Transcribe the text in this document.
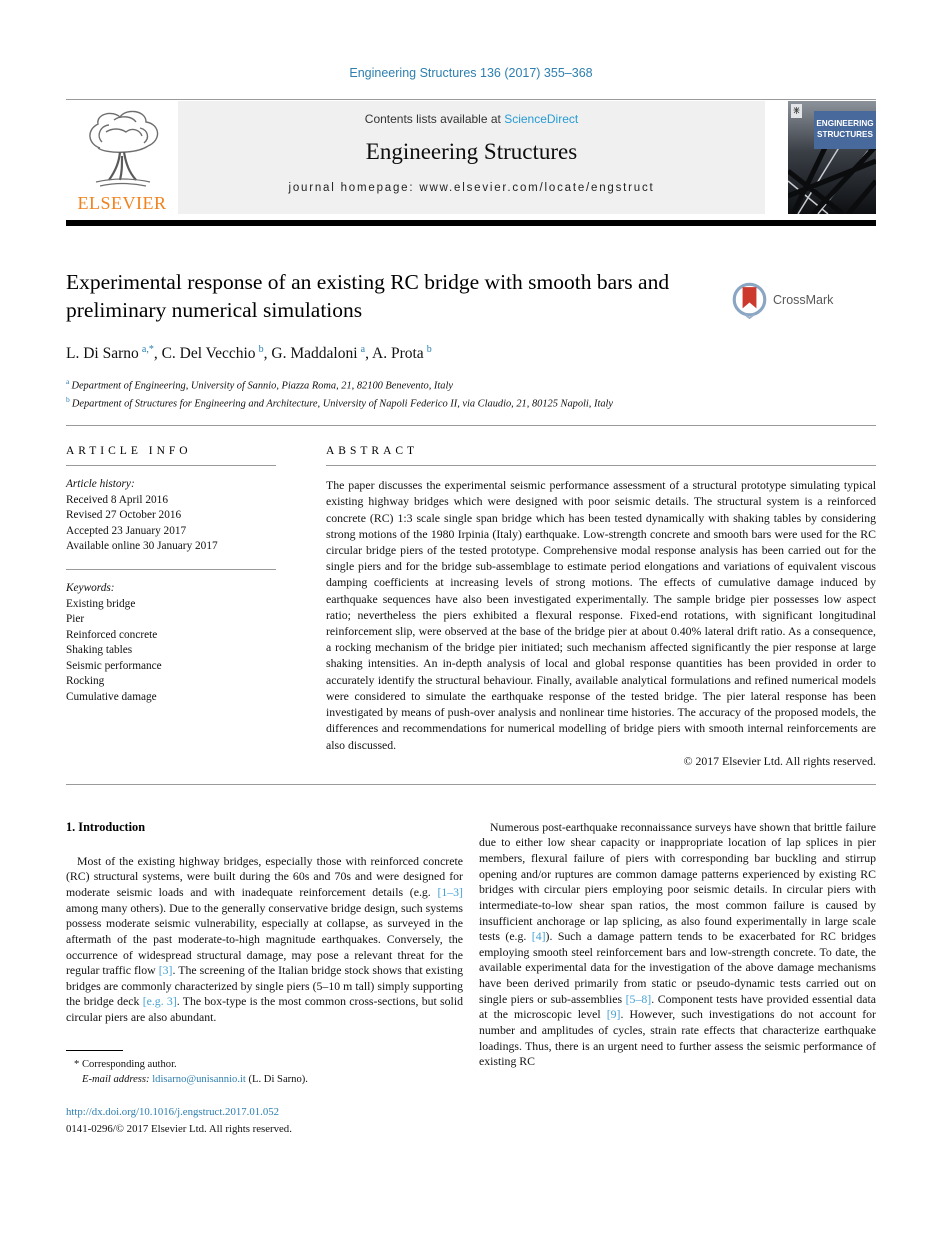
Engineering Structures 136 (2017) 355–368
ELSEVIER
Contents lists available at ScienceDirect
Engineering Structures
journal homepage: www.elsevier.com/locate/engstruct
ENGINEERING
STRUCTURES
Experimental response of an existing RC bridge with smooth bars and preliminary numerical simulations	CrossMark
L. Di Sarno  $^{a,*}$, C. Del Vecchio  $^b$, G. Maddaloni  $^a$, A. Prota  $^b$
$^a$  Department of Engineering, University of Sannio, Piazza Roma, 21, 82100 Benevento, Italy
$^b$  Department of Structures for Engineering and Architecture, University of Napoli Federico II, via Claudio, 21, 80125 Napoli, Italy
ARTICLE INFO
Article history:
Received 8 April 2016
Revised 27 October 2016
Accepted 23 January 2017
Available online 30 January 2017
Keywords:
Existing bridge
Pier
Reinforced concrete
Shaking tables
Seismic performance
Rocking
Cumulative damage
ABSTRACT
The paper discusses the experimental seismic performance assessment of a structural prototype simulating typical existing highway bridges which were designed with poor seismic details. The structural system is a reinforced concrete (RC) 1:3 scale single span bridge which has been tested dynamically with shaking tables by considering strong motions of the 1980 Irpinia (Italy) earthquake. Low-strength concrete and smooth bars were used for the RC circular bridge piers of the tested prototype. Comprehensive modal response analysis has been carried out for the single piers and for the bridge sub-assemblage to estimate period elongations and variations of equivalent viscous damping coefficients at increasing levels of strong motions. The effects of cumulative damage induced by earthquake sequences have also been investigated experimentally. The sample bridge pier possesses low aspect ratio; nevertheless the piers exhibited a flexural response. Fixed-end rotations, with significant longitudinal reinforcement slip, were observed at the base of the bridge pier at about 0.40% lateral drift ratio. As a consequence, a rocking mechanism of the bridge pier initiated; such mechanism affected significantly the pier response at large shaking intensities. An in-depth analysis of local and global response quantities has been provided in order to accurately identify the structural behaviour. Finally, available analytical formulations and refined numerical models were considered to simulate the earthquake response of the tested bridge. The pier lateral response has been investigated by means of push-over analysis and nonlinear time histories. The accuracy of the proposed models, the differences and recommendations for numerical modelling of bridge piers with smooth internal reinforcements are also discussed.
© 2017 Elsevier Ltd. All rights reserved.
1. Introduction
Most of the existing highway bridges, especially those with reinforced concrete (RC) structural systems, were built during the 60s and 70s and were designed for moderate seismic loads and with inadequate reinforcement details (e.g. [1–3] among many others). Due to the generally conservative bridge design, such systems possess moderate seismic vulnerability, especially at collapse, as surveyed in the aftermath of the past moderate-to-high magnitude earthquakes. Conversely, the occurrence of widespread structural damage, may pose a relevant threat for the regular traffic flow [3]. The screening of the Italian bridge stock shows that existing bridges are commonly characterized by single piers (5–10 m tall) simply supporting the bridge deck [e.g. 3]. The box-type is the most common cross-sections, but solid circular piers are also abundant.
* Corresponding author.
E-mail address: ldisarno@unisannio.it (L. Di Sarno).
http://dx.doi.org/10.1016/j.engstruct.2017.01.052
0141-0296/© 2017 Elsevier Ltd. All rights reserved.
Numerous post-earthquake reconnaissance surveys have shown that brittle failure due to either low shear capacity or inappropriate location of lap splices in pier members, flexural failure of piers with corresponding bar buckling and stirrup opening and/or ruptures are common damage patterns experienced by existing RC bridges with circular piers employing poor seismic details. In circular piers with intermediate-to-low shear span ratios, the most common failure is caused by insufficient anchorage or lap splicing, as also found experimentally in large scale tests (e.g. [4]). Such a damage pattern tends to be exacerbated for RC bridges employing smooth steel reinforcement bars and low-strength concrete. To date, the available experimental data for the investigation of the above damage mechanisms have been derived primarily from static or pseudo-dynamic tests carried out on single piers or sub-assemblies [5–8]. Component tests have provided essential data at the microscopic level [9]. However, such investigations do not account for number and amplitudes of cycles, strain rate effects that characterize earthquake loadings. Thus, there is an urgent need to further assess the seismic performance of existing RC
